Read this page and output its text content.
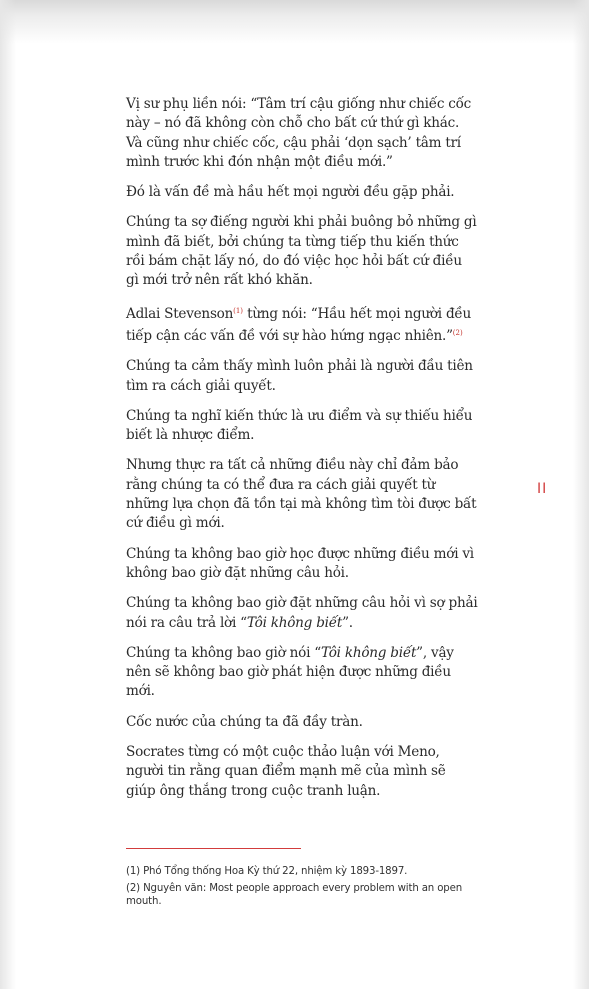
Vị sư phụ liền nói: “Tâm trí cậu giống như chiếc cốc này – nó đã không còn chỗ cho bất cứ thứ gì khác. Và cũng như chiếc cốc, cậu phải ‘dọn sạch’ tâm trí mình trước khi đón nhận một điều mới.”

Đó là vấn đề mà hầu hết mọi người đều gặp phải.

Chúng ta sợ điếng người khi phải buông bỏ những gì mình đã biết, bởi chúng ta từng tiếp thu kiến thức rồi bám chặt lấy nó, do đó việc học hỏi bất cứ điều gì mới trở nên rất khó khăn.

Adlai Stevenson$^{(1)}$ từng nói: “Hầu hết mọi người đều tiếp cận các vấn đề với sự hào hứng ngạc nhiên.”$^{(2)}$

Chúng ta cảm thấy mình luôn phải là người đầu tiên tìm ra cách giải quyết.

Chúng ta nghĩ kiến thức là ưu điểm và sự thiếu hiểu biết là nhược điểm.

Nhưng thực ra tất cả những điều này chỉ đảm bảo rằng chúng ta có thể đưa ra cách giải quyết từ những lựa chọn đã tồn tại mà không tìm tòi được bất cứ điều gì mới.

Chúng ta không bao giờ học được những điều mới vì không bao giờ đặt những câu hỏi.

Chúng ta không bao giờ đặt những câu hỏi vì sợ phải nói ra câu trả lời “Tôi không biết”.

Chúng ta không bao giờ nói “Tôi không biết”, vậy nên sẽ không bao giờ phát hiện được những điều mới.

Cốc nước của chúng ta đã đầy tràn.

Socrates từng có một cuộc thảo luận với Meno, người tin rằng quan điểm mạnh mẽ của mình sẽ giúp ông thắng trong cuộc tranh luận.

II

(1) Phó Tổng thống Hoa Kỳ thứ 22, nhiệm kỳ 1893-1897.

(2) Nguyên văn: Most people approach every problem with an open mouth.
